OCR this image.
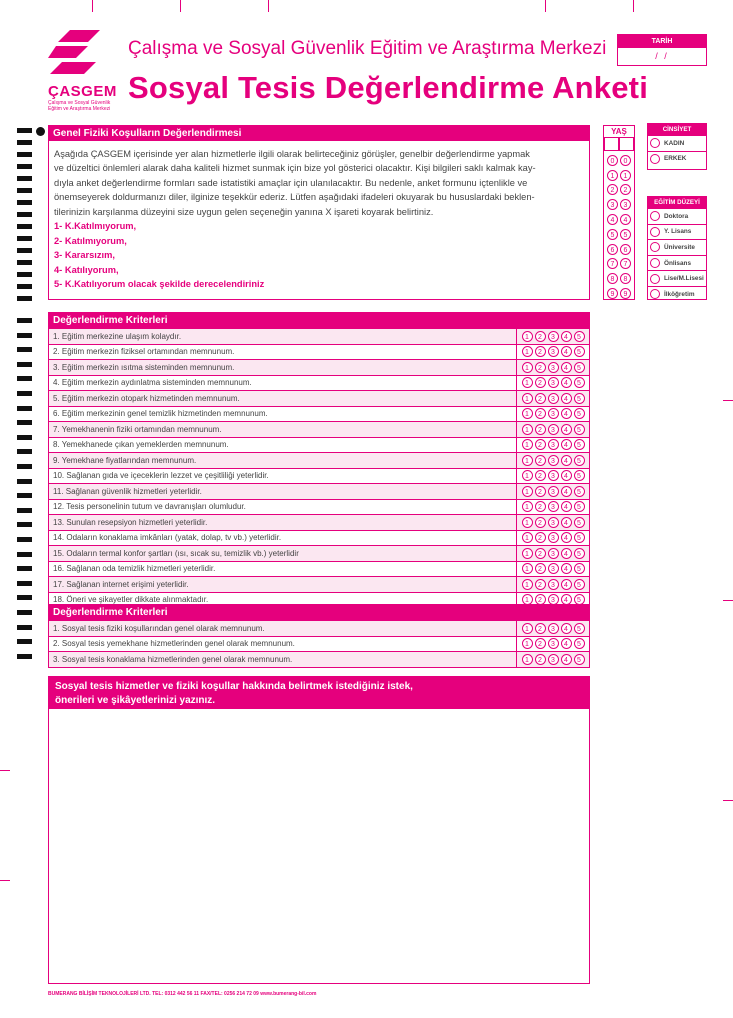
ÇASGEM
Çalışma ve Sosyal Güvenlik
Eğitim ve Araştırma Merkezi
Çalışma ve Sosyal Güvenlik Eğitim ve Araştırma Merkezi
Sosyal Tesis Değerlendirme Anketi
TARİH
/ /
Genel Fiziki Koşulların Değerlendirmesi
Aşağıda ÇASGEM içerisinde yer alan hizmetlerle ilgili olarak belirteceğiniz görüşler, genelbir değerlendirme yapmak
ve düzeltici önlemleri alarak daha kaliteli hizmet sunmak için bize yol gösterici olacaktır. Kişi bilgileri saklı kalmak kay-
dıyla anket değerlendirme formları sade istatistiki amaçlar için ulanılacaktır. Bu nedenle, anket formunu içtenlikle ve
önemseyerek doldurmanızı diler, ilginize teşekkür ederiz. Lütfen aşağıdaki ifadeleri okuyarak bu hususlardaki beklen-
tilerinizin karşılanma düzeyini size uygun gelen seçeneğin yanına X işareti koyarak belirtiniz.
1- K.Katılmıyorum,
2- Katılmıyorum,
3- Kararsızım,
4- Katılıyorum,
5- K.Katılıyorum olacak şekilde derecelendiriniz
YAŞ
0	0
1	1
2	2
3	3
4	4
5	5
6	6
7	7
8	8
9	9
CİNSİYET
KADIN
ERKEK
EĞİTİM DÜZEYİ
Doktora
Y. Lisans
Üniversite
Önlisans
Lise/M.Lisesi
İlköğretim
Değerlendirme Kriterleri
1. Eğitim merkezine ulaşım kolaydır.	1	2	3	4	5
2. Eğitim merkezin fiziksel ortamından memnunum.	1	2	3	4	5
3. Eğitim merkezin ısıtma sisteminden memnunum.	1	2	3	4	5
4. Eğitim merkezin aydınlatma sisteminden memnunum.	1	2	3	4	5
5. Eğitim merkezin otopark hizmetinden memnunum.	1	2	3	4	5
6. Eğitim merkezinin genel temizlik hizmetinden memnunum.	1	2	3	4	5
7. Yemekhanenin fiziki ortamından memnunum.	1	2	3	4	5
8. Yemekhanede çıkan yemeklerden memnunum.	1	2	3	4	5
9. Yemekhane fiyatlarından memnunum.	1	2	3	4	5
10. Sağlanan gıda ve içeceklerin lezzet ve çeşitliliği yeterlidir.	1	2	3	4	5
11. Sağlanan güvenlik hizmetleri yeterlidir.	1	2	3	4	5
12. Tesis personelinin tutum ve davranışları olumludur.	1	2	3	4	5
13. Sunulan resepsiyon hizmetleri yeterlidir.	1	2	3	4	5
14. Odaların konaklama imkânları (yatak, dolap, tv vb.) yeterlidir.	1	2	3	4	5
15. Odaların termal konfor şartları (ısı, sıcak su, temizlik vb.) yeterlidir	1	2	3	4	5
16. Sağlanan oda temizlik hizmetleri yeterlidir.	1	2	3	4	5
17. Sağlanan internet erişimi yeterlidir.	1	2	3	4	5
18. Öneri ve şikayetler dikkate alınmaktadır.	1	2	3	4	5
Değerlendirme Kriterleri
1. Sosyal tesis fiziki koşullarından genel olarak memnunum.	1	2	3	4	5
2. Sosyal tesis yemekhane hizmetlerinden genel olarak memnunum.	1	2	3	4	5
3. Sosyal tesis konaklama hizmetlerinden genel olarak memnunum.	1	2	3	4	5
Sosyal tesis hizmetler ve fiziki koşullar hakkında belirtmek istediğiniz istek,
önerileri ve şikâyetlerinizi yazınız.
BUMERANG BİLİŞİM TEKNOLOJİLERİ LTD. TEL: 0312 442 56 11 FAX/TEL: 0256 214 72 09 www.bumerang-bil.com
